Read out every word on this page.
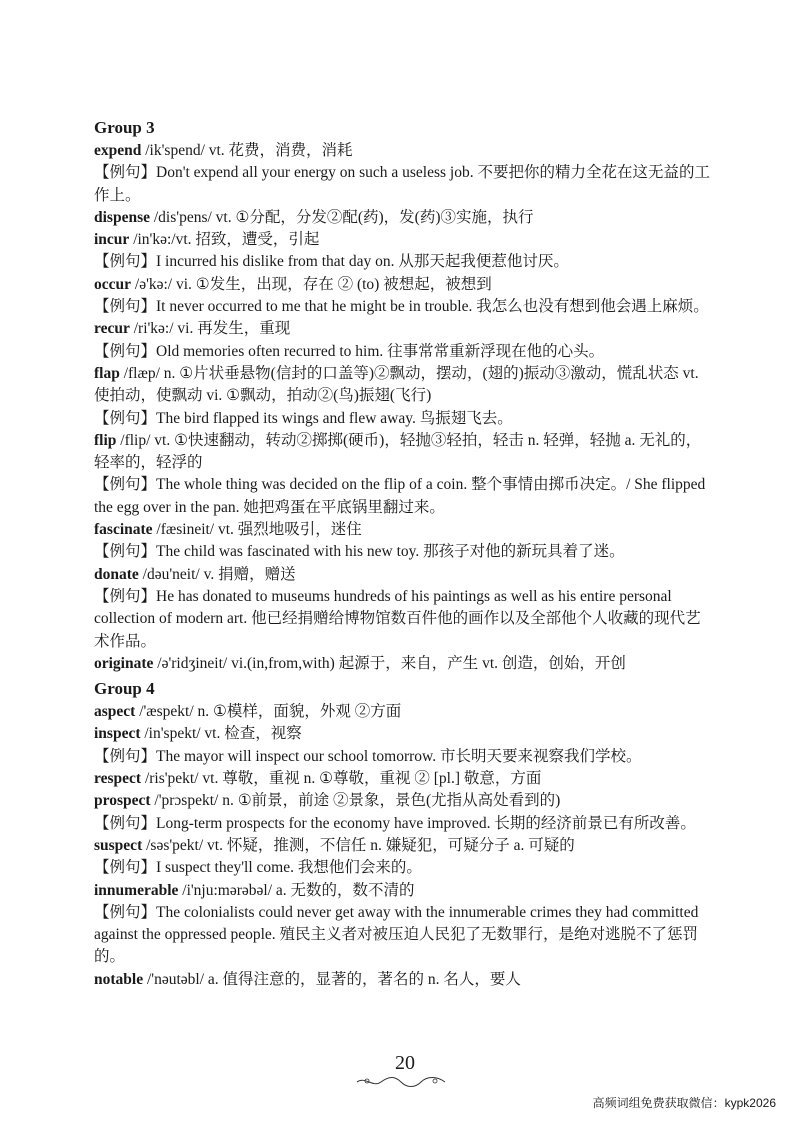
Group 3
expend /ik'spend/ vt. 花费，消费，消耗
【例句】Don't expend all your energy on such a useless job. 不要把你的精力全花在这无益的工作上。
dispense /dis'pens/ vt. ①分配，分发②配(药)，发(药)③实施，执行
incur /in'kə:/vt. 招致，遭受，引起
【例句】I incurred his dislike from that day on. 从那天起我便惹他讨厌。
occur /ə'kə:/ vi. ①发生，出现，存在 ② (to) 被想起，被想到
【例句】It never occurred to me that he might be in trouble. 我怎么也没有想到他会遇上麻烦。
recur /ri'kə:/ vi. 再发生，重现
【例句】Old memories often recurred to him. 往事常常重新浮现在他的心头。
flap /flæp/ n. ①片状垂悬物(信封的口盖等)②飘动，摆动，(翅的)振动③激动，慌乱状态 vt. 使拍动，使飘动 vi. ①飘动，拍动②(鸟)振翅(飞行)
【例句】The bird flapped its wings and flew away. 鸟振翅飞去。
flip /flip/ vt. ①快速翻动，转动②掷掷(硬币)，轻抛③轻拍，轻击 n. 轻弹，轻抛 a. 无礼的，轻率的，轻浮的
【例句】The whole thing was decided on the flip of a coin. 整个事情由掷币决定。/ She flipped the egg over in the pan. 她把鸡蛋在平底锅里翻过来。
fascinate /fæsineit/ vt. 强烈地吸引，迷住
【例句】The child was fascinated with his new toy. 那孩子对他的新玩具着了迷。
donate /dəu'neit/ v. 捐赠，赠送
【例句】He has donated to museums hundreds of his paintings as well as his entire personal collection of modern art. 他已经捐赠给博物馆数百件他的画作以及全部他个人收藏的现代艺术作品。
originate /ə'ridʒineit/ vi.(in,from,with) 起源于，来自，产生 vt. 创造，创始，开创
Group 4
aspect /'æspekt/ n. ①模样，面貌，外观 ②方面
inspect /in'spekt/ vt. 检查，视察
【例句】The mayor will inspect our school tomorrow. 市长明天要来视察我们学校。
respect /ris'pekt/ vt. 尊敬，重视 n. ①尊敬，重视 ② [pl.] 敬意，方面
prospect /'prɔspekt/ n. ①前景，前途 ②景象，景色(尤指从高处看到的)
【例句】Long-term prospects for the economy have improved. 长期的经济前景已有所改善。
suspect /səs'pekt/ vt. 怀疑，推测，不信任 n. 嫌疑犯，可疑分子 a. 可疑的
【例句】I suspect they'll come. 我想他们会来的。
innumerable /i'nju:mərəbəl/ a. 无数的，数不清的
【例句】The colonialists could never get away with the innumerable crimes they had committed against the oppressed people. 殖民主义者对被压迫人民犯了无数罪行，是绝对逃脱不了惩罚的。
notable /'nəutəbl/ a. 值得注意的，显著的，著名的 n. 名人，要人
20
高频词组免费获取微信：kypk2026
